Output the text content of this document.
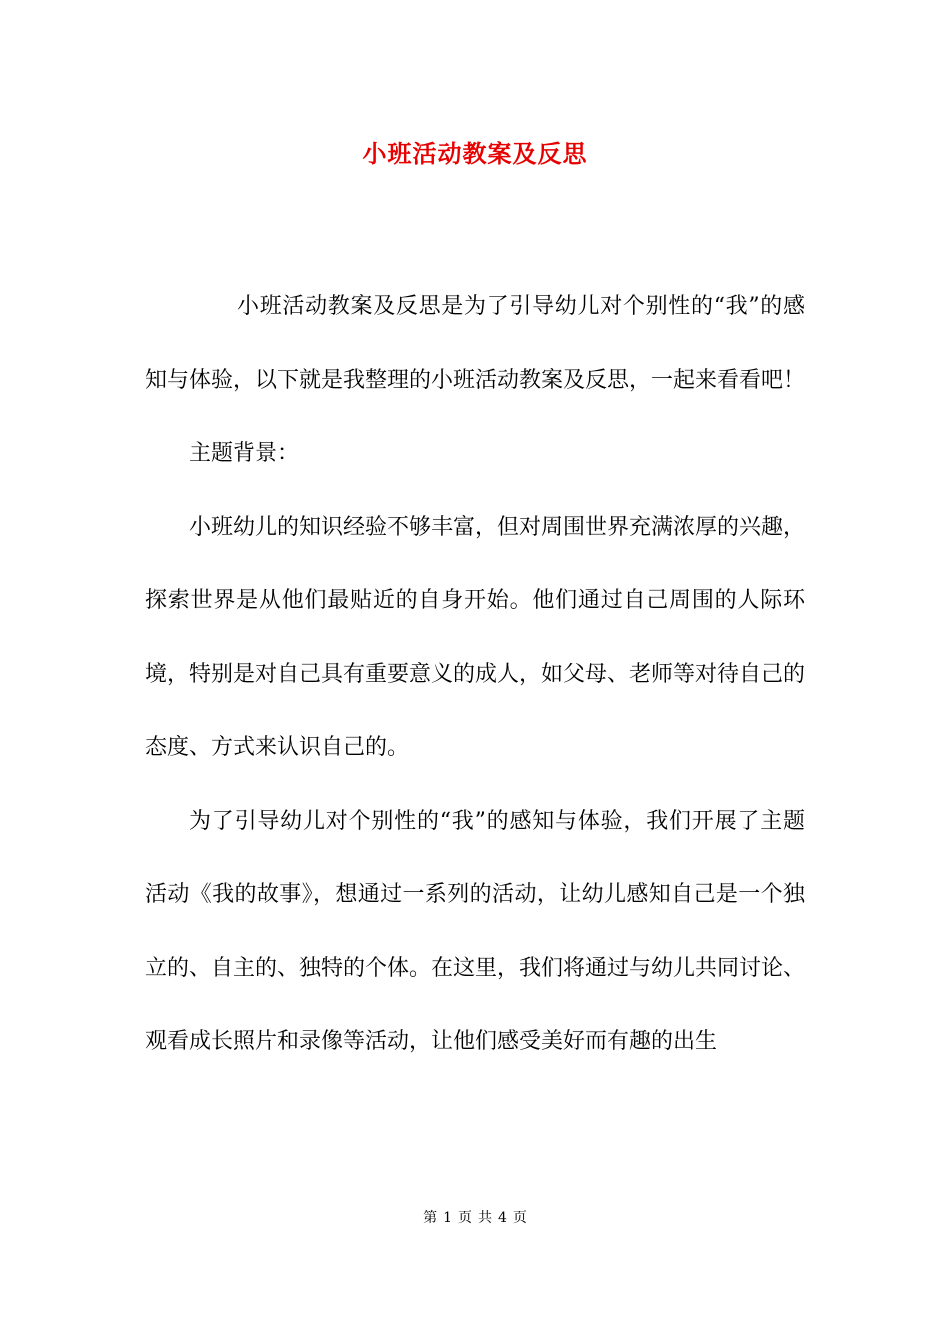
小班活动教案及反思

小班活动教案及反思是为了引导幼儿对个别性的“我”的感知与体验，以下就是我整理的小班活动教案及反思，一起来看看吧！

主题背景：

小班幼儿的知识经验不够丰富，但对周围世界充满浓厚的兴趣，探索世界是从他们最贴近的自身开始。他们通过自己周围的人际环境，特别是对自己具有重要意义的成人，如父母、老师等对待自己的态度、方式来认识自己的。

为了引导幼儿对个别性的“我”的感知与体验，我们开展了主题活动《我的故事》，想通过一系列的活动，让幼儿感知自己是一个独立的、自主的、独特的个体。在这里，我们将通过与幼儿共同讨论、观看成长照片和录像等活动，让他们感受美好而有趣的出生

第 1 页 共 4 页
